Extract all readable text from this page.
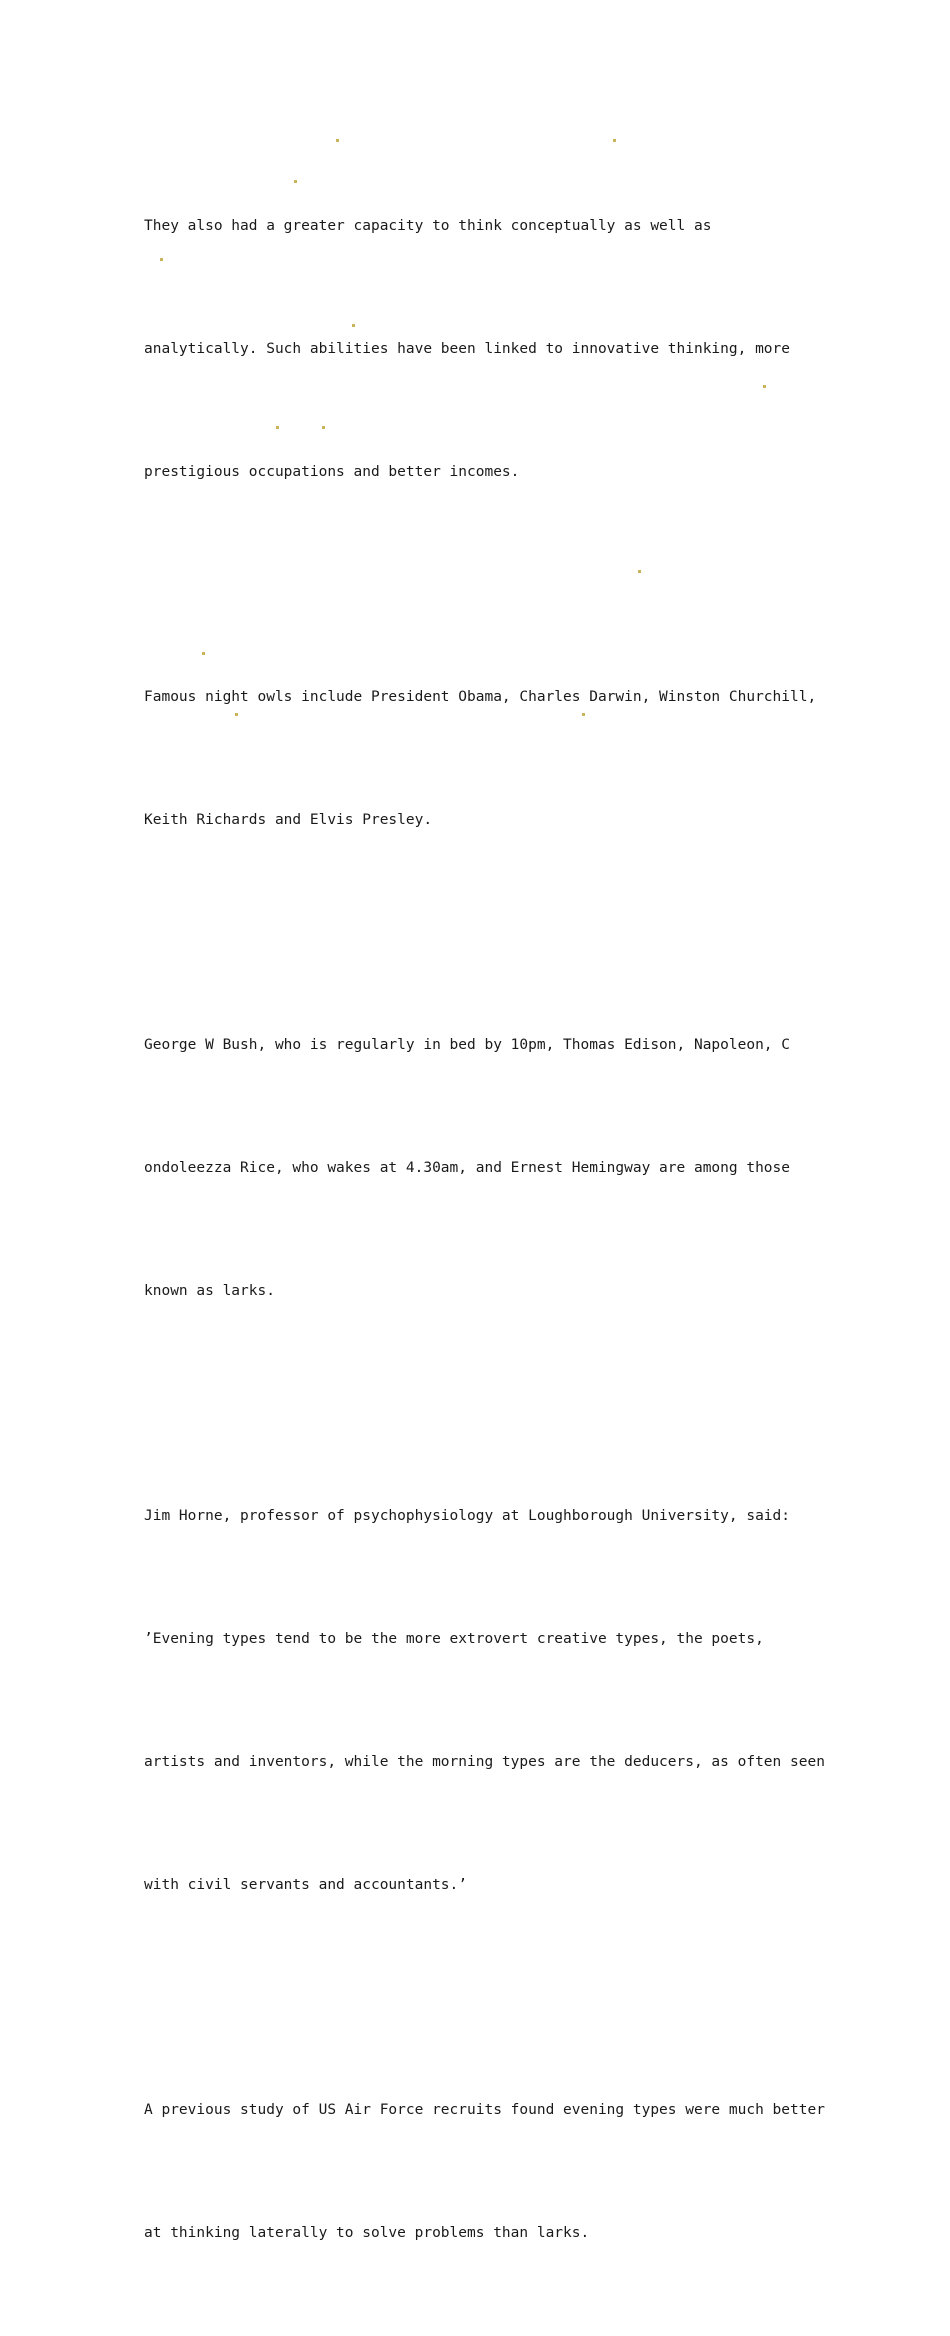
They also had a greater capacity to think conceptually as well as

analytically. Such abilities have been linked to innovative thinking, more

prestigious occupations and better incomes.

Famous night owls include President Obama, Charles Darwin, Winston Churchill,

Keith Richards and Elvis Presley.

George W Bush, who is regularly in bed by 10pm, Thomas Edison, Napoleon, C

ondoleezza Rice, who wakes at 4.30am, and Ernest Hemingway are among those

known as larks.

Jim Horne, professor of psychophysiology at Loughborough University, said:

’Evening types tend to be the more extrovert creative types, the poets,

artists and inventors, while the morning types are the deducers, as often seen

with civil servants and accountants.’

A previous study of US Air Force recruits found evening types were much better

at thinking laterally to solve problems than larks.
